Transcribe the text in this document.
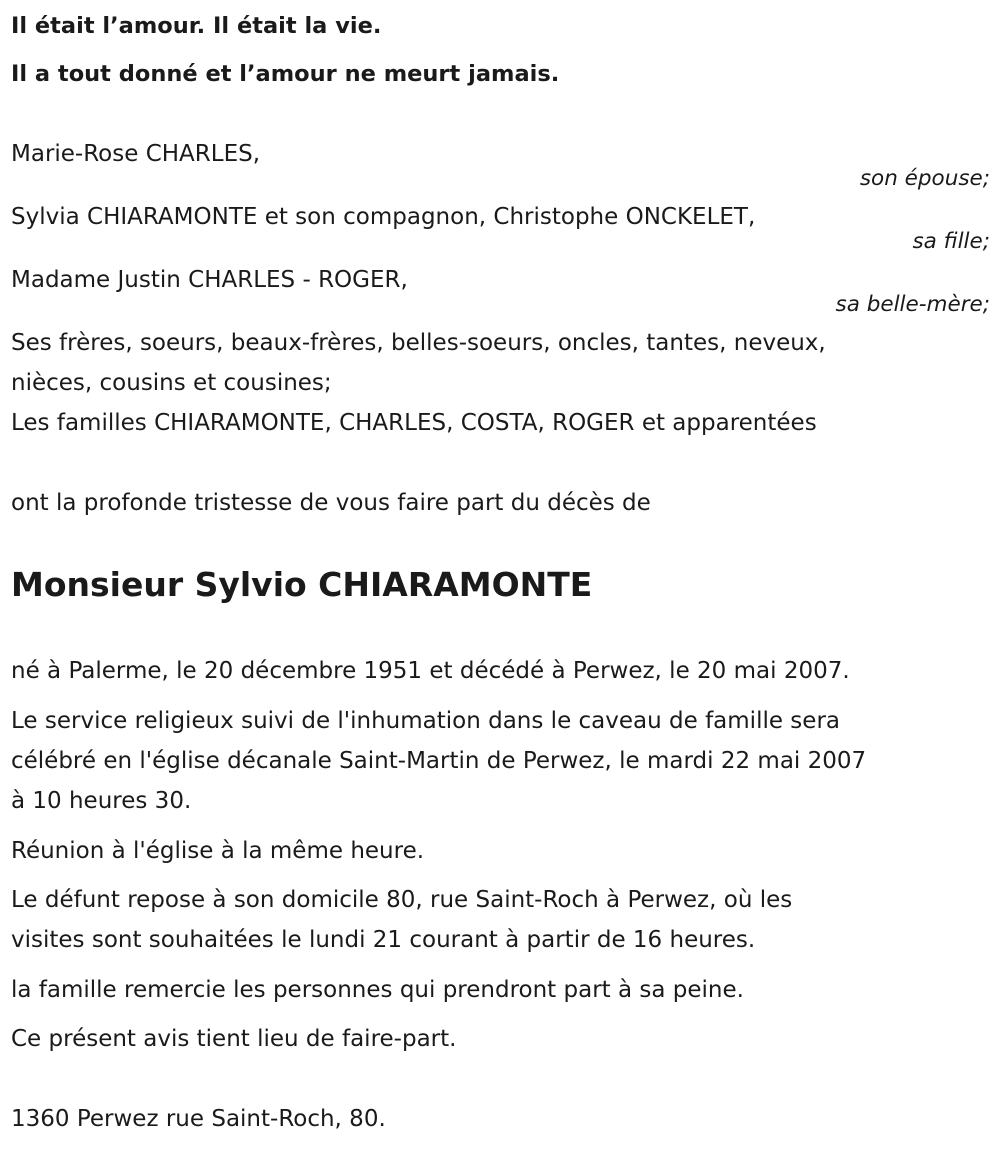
Il était l’amour. Il était la vie.
Il a tout donné et l’amour ne meurt jamais.
Marie-Rose CHARLES,
son épouse;
Sylvia CHIARAMONTE et son compagnon, Christophe ONCKELET,
sa fille;
Madame Justin CHARLES - ROGER,
sa belle-mère;
Ses frères, soeurs, beaux-frères, belles-soeurs, oncles, tantes, neveux,
nièces, cousins et cousines;
Les familles CHIARAMONTE, CHARLES, COSTA, ROGER et apparentées
ont la profonde tristesse de vous faire part du décès de
Monsieur Sylvio CHIARAMONTE
né à Palerme, le 20 décembre 1951 et décédé à Perwez, le 20 mai 2007.
Le service religieux suivi de l'inhumation dans le caveau de famille sera
célébré en l'église décanale Saint-Martin de Perwez, le mardi 22 mai 2007
à 10 heures 30.
Réunion à l'église à la même heure.
Le défunt repose à son domicile 80, rue Saint-Roch à Perwez, où les
visites sont souhaitées le lundi 21 courant à partir de 16 heures.
la famille remercie les personnes qui prendront part à sa peine.
Ce présent avis tient lieu de faire-part.
1360 Perwez rue Saint-Roch, 80.
